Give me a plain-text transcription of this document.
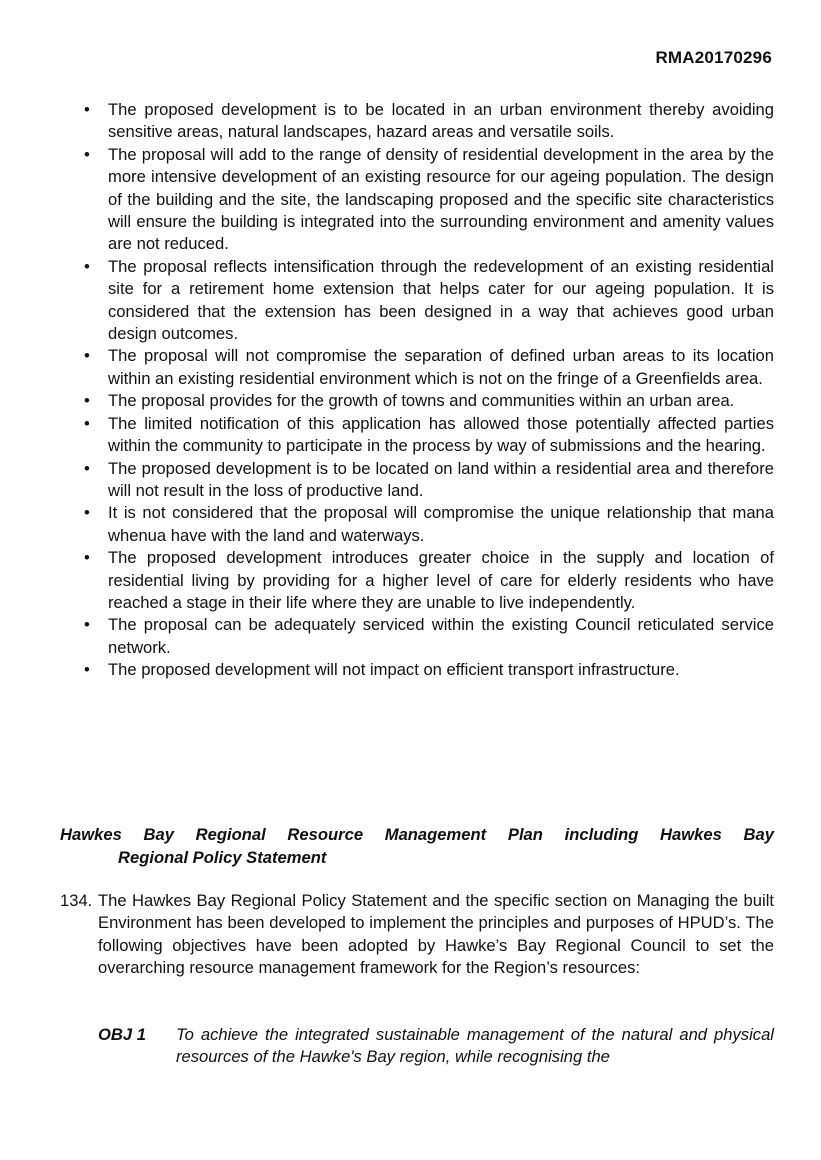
RMA20170296
•	The proposed development is to be located in an urban environment thereby avoiding sensitive areas, natural landscapes, hazard areas and versatile soils.
•	The proposal will add to the range of density of residential development in the area by the more intensive development of an existing resource for our ageing population. The design of the building and the site, the landscaping proposed and the specific site characteristics will ensure the building is integrated into the surrounding environment and amenity values are not reduced.
•	The proposal reflects intensification through the redevelopment of an existing residential site for a retirement home extension that helps cater for our ageing population. It is considered that the extension has been designed in a way that achieves good urban design outcomes.
•	The proposal will not compromise the separation of defined urban areas to its location within an existing residential environment which is not on the fringe of a Greenfields area.
•	The proposal provides for the growth of towns and communities within an urban area.
•	The limited notification of this application has allowed those potentially affected parties within the community to participate in the process by way of submissions and the hearing.
•	The proposed development is to be located on land within a residential area and therefore will not result in the loss of productive land.
•	It is not considered that the proposal will compromise the unique relationship that mana whenua have with the land and waterways.
•	The proposed development introduces greater choice in the supply and location of residential living by providing for a higher level of care for elderly residents who have reached a stage in their life where they are unable to live independently.
•	The proposal can be adequately serviced within the existing Council reticulated service network.
•	The proposed development will not impact on efficient transport infrastructure.
Hawkes Bay Regional Resource Management Plan including Hawkes Bay
Regional Policy Statement
134. The Hawkes Bay Regional Policy Statement and the specific section on Managing the built Environment has been developed to implement the principles and purposes of HPUD’s. The following objectives have been adopted by Hawke’s Bay Regional Council to set the overarching resource management framework for the Region’s resources:
OBJ 1 To achieve the integrated sustainable management of the natural and physical resources of the Hawke's Bay region, while recognising the
